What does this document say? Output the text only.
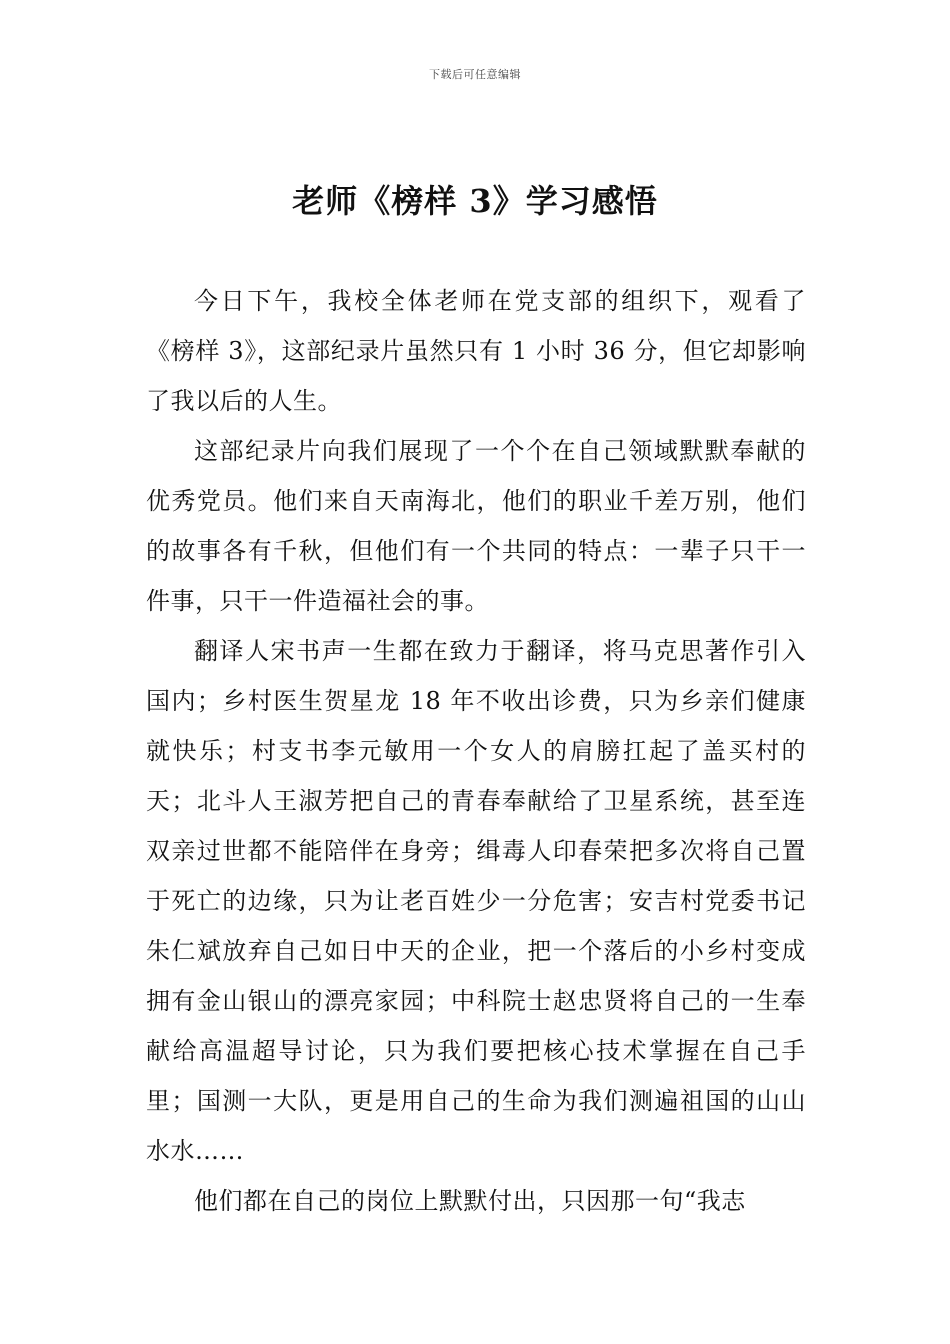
下载后可任意编辑
老师《榜样 3》学习感悟

今日下午，我校全体老师在党支部的组织下，观看了《榜样 3》，这部纪录片虽然只有 1 小时 36 分，但它却影响了我以后的人生。

这部纪录片向我们展现了一个个在自己领域默默奉献的优秀党员。他们来自天南海北，他们的职业千差万别，他们的故事各有千秋，但他们有一个共同的特点：一辈子只干一件事，只干一件造福社会的事。

翻译人宋书声一生都在致力于翻译，将马克思著作引入国内；乡村医生贺星龙 18 年不收出诊费，只为乡亲们健康就快乐；村支书李元敏用一个女人的肩膀扛起了盖买村的天；北斗人王淑芳把自己的青春奉献给了卫星系统，甚至连双亲过世都不能陪伴在身旁；缉毒人印春荣把多次将自己置于死亡的边缘，只为让老百姓少一分危害；安吉村党委书记朱仁斌放弃自己如日中天的企业，把一个落后的小乡村变成拥有金山银山的漂亮家园；中科院士赵忠贤将自己的一生奉献给高温超导讨论，只为我们要把核心技术掌握在自己手里；国测一大队，更是用自己的生命为我们测遍祖国的山山水水……

他们都在自己的岗位上默默付出，只因那一句“我志
